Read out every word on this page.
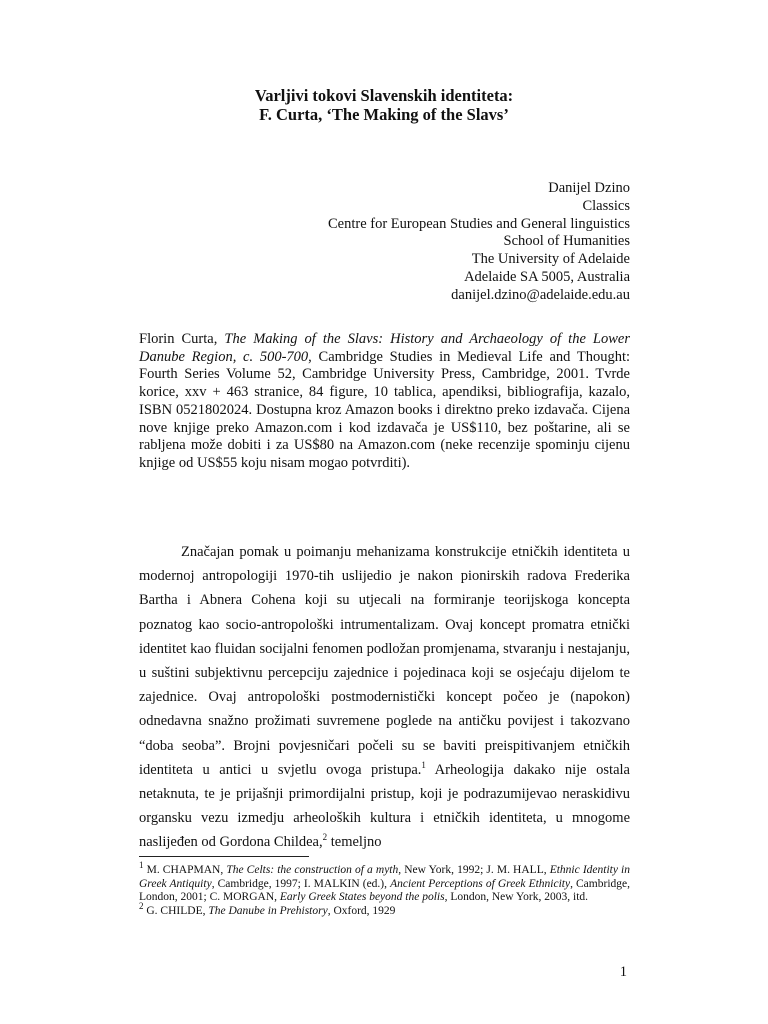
Varljivi tokovi Slavenskih identiteta:
F. Curta, ‘The Making of the Slavs’
Danijel Dzino
Classics
Centre for European Studies and General linguistics
School of Humanities
The University of Adelaide
Adelaide SA 5005, Australia
danijel.dzino@adelaide.edu.au
Florin Curta, The Making of the Slavs: History and Archaeology of the Lower Danube Region, c. 500-700, Cambridge Studies in Medieval Life and Thought: Fourth Series Volume 52, Cambridge University Press, Cambridge, 2001. Tvrde korice, xxv + 463 stranice, 84 figure, 10 tablica, apendiksi, bibliografija, kazalo, ISBN 0521802024. Dostupna kroz Amazon books i direktno preko izdavača. Cijena nove knjige preko Amazon.com i kod izdavača je US$110, bez poštarine, ali se rabljena može dobiti i za US$80 na Amazon.com (neke recenzije spominju cijenu knjige od US$55 koju nisam mogao potvrditi).

Značajan pomak u poimanju mehanizama konstrukcije etničkih identiteta u modernoj antropologiji 1970-tih uslijedio je nakon pionirskih radova Frederika Bartha i Abnera Cohena koji su utjecali na formiranje teorijskoga koncepta poznatog kao socio-antropološki intrumentalizam. Ovaj koncept promatra etnički identitet kao fluidan socijalni fenomen podložan promjenama, stvaranju i nestajanju, u suštini subjektivnu percepciju zajednice i pojedinaca koji se osjećaju dijelom te zajednice. Ovaj antropološki postmodernistički koncept počeo je (napokon) odnedavna snažno prožimati suvremene poglede na antičku povijest i takozvano “doba seoba”. Brojni povjesničari počeli su se baviti preispitivanjem etničkih identiteta u antici u svjetlu ovoga pristupa.$^1$ Arheologija dakako nije ostala netaknuta, te je prijašnji primordijalni pristup, koji je podrazumijevao neraskidivu organsku vezu izmedju arheoloških kultura i etničkih identiteta, u mnogome naslijeđen od Gordona Childea,$^2$ temeljno

$^1$ M. CHAPMAN, The Celts: the construction of a myth, New York, 1992; J. M. HALL, Ethnic Identity in Greek Antiquity, Cambridge, 1997; I. MALKIN (ed.), Ancient Perceptions of Greek Ethnicity, Cambridge, London, 2001; C. MORGAN, Early Greek States beyond the polis, London, New York, 2003, itd.

$^2$ G. CHILDE, The Danube in Prehistory, Oxford, 1929

1
